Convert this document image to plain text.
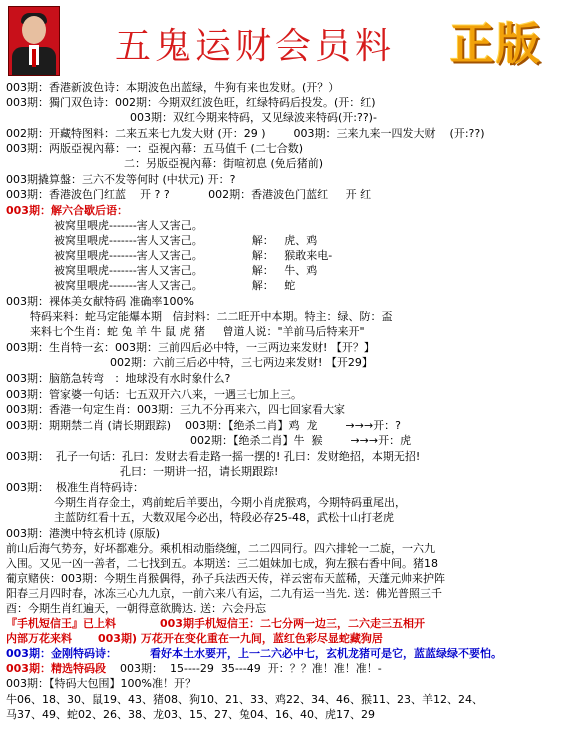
五鬼运财会员料 正版
003期：香港新波色诗：本期波色出蓝绿，牛狗有来也发财。(开？）
003期：獨门双色诗：002期：今期双红波色旺，红绿特码后投发。(开：红)
003期：双红今期来特码，又见绿波来特码(开:??)-
002期：开藏特图料：二来五来七九发大财 (开：29 )        003期：三来九来一四发大财    (开:??)
003期：两版亞視內幕：一：亞視內幕：五马值千 (二七合数)
二：另版亞視內幕：街喧初息 (免后猪前)
003期撬算盤：三六不发等何时 (中状元) 开：?
003期：香港波色门红蓝    开 ? ?           002期：香港波色门蓝红     开 红
003期：解六合歇后语：
被窝里喂虎-------害人又害己。
被窝里喂虎-------害人又害己。              解：   虎、鸡
被窝里喂虎-------害人又害己。              解：   猴敢来电-
被窝里喂虎-------害人又害己。              解：   牛、鸡
被窝里喂虎-------害人又害己。              解：   蛇
003期：裸体美女献特码 准确率100%
特码来料：蛇马定能爆本期   信封料：二二旺开中本期。特主：绿、防：盃
来料七个生肖：蛇 兔 羊 牛 鼠 虎 猪     曾道人说："羊前马后特来开"
003期：生肖特一玄：003期：三前四后必中特，一三两边来发财! 【开？】
002期：六前三后必中特，三七两边来发财! 【开29】
003期：脑筋急转弯   ：地球没有水时象什么?
003期：管家婆一句话：七五双开六八来，一遇三七加上三。
003期：香港一句定生肖：003期：三九不分再来六，四七回家看大家
003期：期期禁二肖 (请长期跟踪)    003期：【绝杀二肖】鸡  龙        →→→开：?
002期：【绝杀二肖】牛  猴        →→→开：虎
003期：  孔子一句话：孔曰：发财去看走路一摇一摆的! 孔曰：发财绝招，本期无招!
孔曰：一期讲一招，请长期跟踪!
003期：  极准生肖特码诗：
今期生肖存金土，鸡前蛇后羊要出，今期小肖虎猴鸡，今期特码重尾出，
主蓝防红看十五，大数双尾今必出，特段必存25-48，武松十山打老虎
003期：港澳中特玄机诗 (原版)
前山后海气势夯，好坏都难分。乘机相动脂绕缠，二二四同行。四六排轮一二旋，一六九
入围。又见一凶一善者，二七找到五。本期送：三二姐妹加七成，狗左猴右香中间。猪18
葡京赌侠：003期：今期生肖猴偶得，孙子兵法西天传，祥云密布天蓝稀，天蓬元帅来护阵
阳春三月四时春，冰冻三心九九京，一前六来八有运，二九有运一当先. 送：佛光普照三千
酉：今期生肖红遍天，一朝得意欲腾达. 送：六会丹忘
『手机短信王』已上料	003期手机短信王：二七分两一边三，二六走三五相开
内部万花来料 003期) 万花开在变化重在一九间，蓝红色彩尽显蛇藏狗居
003期：金刚特码诗：	看好本土水要开，上一二六必中七，玄机龙猪可是它，蓝蓝绿绿不要怕。
003期：精选特码段 003期：  15----29  35---49  开：？？准！准！准！-
003期：【特码大包围】100%准！开？
牛06、18、30、鼠19、43、猪08、狗10、21、33、鸡22、34、46、猴11、23、羊12、24、
马37、49、蛇02、26、38、龙03、15、27、兔04、16、40、虎17、29
